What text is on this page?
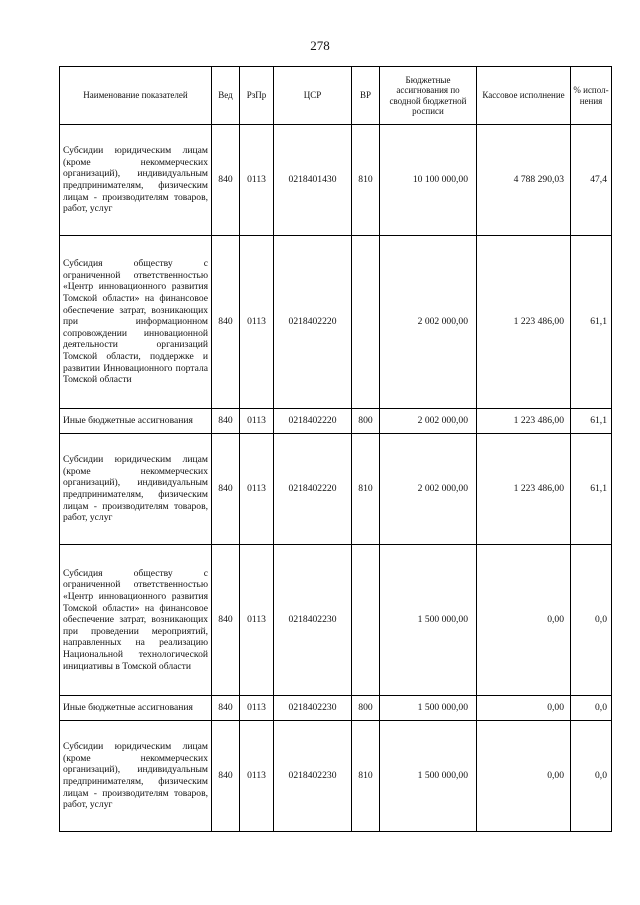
278
Наименование показателей	Вед	РзПр	ЦСР	ВР	Бюджетные ассигнования по сводной бюджетной росписи	Кассовое исполнение	% испол-нения
Субсидии юридическим лицам (кроме некоммерческих организаций), индивидуальным предпринимателям, физическим лицам - производителям товаров, работ, услуг	840	0113	0218401430	810	10 100 000,00	4 788 290,03	47,4
Субсидия обществу с ограниченной ответственностью «Центр инновационного развития Томской области» на финансовое обеспечение затрат, возникающих при информационном сопровождении инновационной деятельности организаций Томской области, поддержке и развитии Инновационного портала Томской области	840	0113	0218402220		2 002 000,00	1 223 486,00	61,1
Иные бюджетные ассигнования	840	0113	0218402220	800	2 002 000,00	1 223 486,00	61,1
Субсидии юридическим лицам (кроме некоммерческих организаций), индивидуальным предпринимателям, физическим лицам - производителям товаров, работ, услуг	840	0113	0218402220	810	2 002 000,00	1 223 486,00	61,1
Субсидия обществу с ограниченной ответственностью «Центр инновационного развития Томской области» на финансовое обеспечение затрат, возникающих при проведении мероприятий, направленных на реализацию Национальной технологической инициативы в Томской области	840	0113	0218402230		1 500 000,00	0,00	0,0
Иные бюджетные ассигнования	840	0113	0218402230	800	1 500 000,00	0,00	0,0
Субсидии юридическим лицам (кроме некоммерческих организаций), индивидуальным предпринимателям, физическим лицам - производителям товаров, работ, услуг	840	0113	0218402230	810	1 500 000,00	0,00	0,0
